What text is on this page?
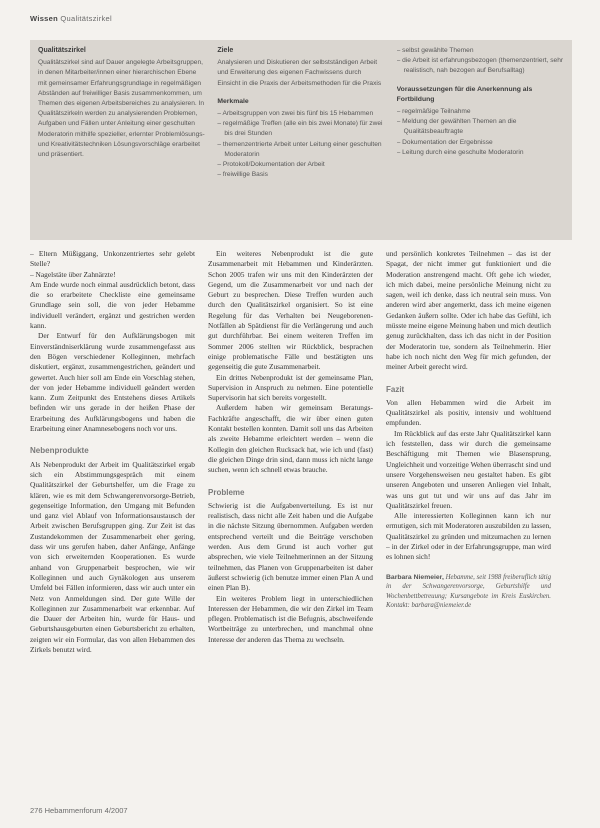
Wissen Qualitätszirkel
Qualitätszirkel
Qualitätszirkel sind auf Dauer angelegte Arbeitsgruppen, in denen Mitarbeiter/innen einer hierarchischen Ebene mit gemeinsamer Erfahrungsgrundlage in regelmäßigen Abständen auf freiwilliger Basis zusammenkommen, um Themen des eigenen Arbeitsbereiches zu analysieren. In Qualitätszirkeln werden zu analysierenden Problemen, Aufgaben und Fällen unter Anleitung einer geschulten Moderatorin mithilfe spezieller, erlernter Problemlösungs- und Kreativitätstechniken Lösungsvorschläge erarbeitet und präsentiert.
Ziele
Analysieren und Diskutieren der selbstständigen Arbeit und Erweiterung des eigenen Fachwissens durch Einsicht in die Praxis der Arbeitsmethoden für die Praxis
Merkmale
– Arbeitsgruppen von zwei bis fünf bis 15 Hebammen
– regelmäßige Treffen (alle ein bis zwei Monate) für zwei bis drei Stunden
– themenzentrierte Arbeit unter Leitung einer geschulten Moderatorin
– Protokoll/Dokumentation der Arbeit
– freiwillige Basis
– selbst gewählte Themen
– die Arbeit ist erfahrungsbezogen (themenzentriert, sehr realistisch, nah bezogen auf Berufsalltag)
Voraussetzungen für die Anerkennung als Fortbildung
– regelmäßige Teilnahme
– Meldung der gewählten Themen an die Qualitätsbeauftragte
– Dokumentation der Ergebnisse
– Leitung durch eine geschulte Moderatorin

– Eltern Müßiggang, Unkonzentriertes sehr gelebt Stelle?

– Nagelstäte über Zahnärzte!

Am Ende wurde noch einmal ausdrücklich betont, dass die so erarbeitete Checkliste eine gemeinsame Grundlage sein soll, die von jeder Hebamme individuell verändert, ergänzt und gestrichen werden kann.

Der Entwurf für den Aufklärungsbogen mit Einverständniserklärung wurde zusammengefasst aus den Bögen verschiedener Kolleginnen, mehrfach diskutiert, ergänzt, zusammengestrichen, geändert und gewertet. Auch hier soll am Ende ein Vorschlag stehen, der von jeder Hebamme individuell geändert werden kann. Zum Zeitpunkt des Entstehens dieses Artikels befinden wir uns gerade in der heißen Phase der Erarbeitung des Aufklärungsbogens und haben die Erarbeitung einer Anamnesebogens noch vor uns.

Nebenprodukte

Als Nebenprodukt der Arbeit im Qualitätszirkel ergab sich ein Abstimmungsgespräch mit einem Qualitätszirkel der Geburtshelfer, um die Frage zu klären, wie es mit dem Schwangerenvorsorge-Betrieb, gegenseitige Information, den Umgang mit Befunden und ganz viel Ablauf von Informationsaustausch der Arbeit zwischen Berufsgruppen ging. Zur Zeit ist das Zustandekommen der Zusammenarbeit eher gering, dass wir uns gerufen haben, daher Anfänge, Anfänge von sich erweiternden Kooperationen. Es wurde anhand von Gruppenarbeit besprochen, wie wir Kolleginnen und auch Gynäkologen aus unserem Umfeld bei Fällen informieren, dass wir auch unter ein Netz von Anmeldungen sind. Der gute Wille der Kolleginnen zur Zusammenarbeit war erkennbar. Auf die Dauer der Arbeiten hin, wurde für Haus- und Geburtshausgeburten einen Geburtsbericht zu erhalten, zeigten wir ein Formular, das von allen Hebammen des Zirkels benutzt wird.

Ein weiteres Nebenprodukt ist die gute Zusammenarbeit mit Hebammen und Kinderärzten. Schon 2005 trafen wir uns mit den Kinderärzten der Gegend, um die Zusammenarbeit vor und nach der Geburt zu besprechen. Diese Treffen wurden auch durch den Qualitätszirkel organisiert. So ist eine Regelung für das Verhalten bei Neugeborenen-Notfällen ab Spätdienst für die Verlängerung und auch gut durchführbar. Bei einem weiteren Treffen im Sommer 2006 stellten wir Rückblick, besprachen einige problematische Fälle und bestätigten uns gegenseitig die gute Zusammenarbeit.

Ein drittes Nebenprodukt ist der gemeinsame Plan, Supervision in Anspruch zu nehmen. Eine potentielle Supervisorin hat sich bereits vorgestellt.

Außerdem haben wir gemeinsam Beratungs-Fachkräfte angeschafft, die wir über einen guten Kontakt bestellen konnten. Damit soll uns das Arbeiten als zweite Hebamme erleichtert werden – wenn die Kollegin den gleichen Rucksack hat, wie ich und (fast) die gleichen Dinge drin sind, dann muss ich nicht lange suchen, wenn ich schnell etwas brauche.

Probleme

Schwierig ist die Aufgabenverteilung. Es ist nur realistisch, dass nicht alle Zeit haben und die Aufgabe in die nächste Sitzung übernommen. Aufgaben werden entsprechend verteilt und die Beiträge verschoben werden. Aus dem Grund ist auch vorher gut absprechen, wie viele Teilnehmerinnen an der Sitzung teilnehmen, das Planen von Gruppenarbeiten ist daher äußerst schwierig (ich benutze immer einen Plan A und einen Plan B).

Ein weiteres Problem liegt in unterschiedlichen Interessen der Hebammen, die wir den Zirkel im Team pflegen. Problematisch ist die Befugnis, abschweifende Wortbeiträge zu unterbrechen, und manchmal ohne Interesse der anderen das Thema zu wechseln.

und persönlich konkretes Teilnehmen – das ist der Spagat, der nicht immer gut funktioniert und die Moderation anstrengend macht. Oft gehe ich wieder, ich mich dabei, meine persönliche Meinung nicht zu sagen, weil ich denke, dass ich neutral sein muss. Von anderen wird aber angemerkt, dass ich meine eigenen Gedanken äußern sollte. Oder ich habe das Gefühl, ich müsste meine eigene Meinung haben und mich deutlich genug zurückhalten, dass ich das nicht in der Position der Moderatorin tue, sondern als Teilnehmerin. Hier habe ich noch nicht den Weg für mich gefunden, der meiner Arbeit gerecht wird.

Fazit

Von allen Hebammen wird die Arbeit im Qualitätszirkel als positiv, intensiv und wohltuend empfunden.

Im Rückblick auf das erste Jahr Qualitätszirkel kann ich feststellen, dass wir durch die gemeinsame Beschäftigung mit Themen wie Blasensprung, Ungleichheit und vorzeitige Wehen überrascht sind und unsere Vorgehensweisen neu gestaltet haben. Es gibt unseren Angeboten und unseren Anliegen viel Inhalt, was uns gut tut und wir uns auf das Jahr im Qualitätszirkel freuen.

Alle interessierten Kolleginnen kann ich nur ermutigen, sich mit Moderatoren auszubilden zu lassen, Qualitätszirkel zu gründen und mitzumachen zu lernen – in der Zirkel oder in der Erfahrungsgruppe, man wird es lohnen sich!

Barbara Niemeier, Hebamme, seit 1988 freiberuflich tätig in der Schwangerenvorsorge, Geburtshilfe und Wochenbettbetreuung; Kursangebote im Kreis Euskirchen. Kontakt: barbara@niemeier.de
276 Hebammenforum 4/2007
